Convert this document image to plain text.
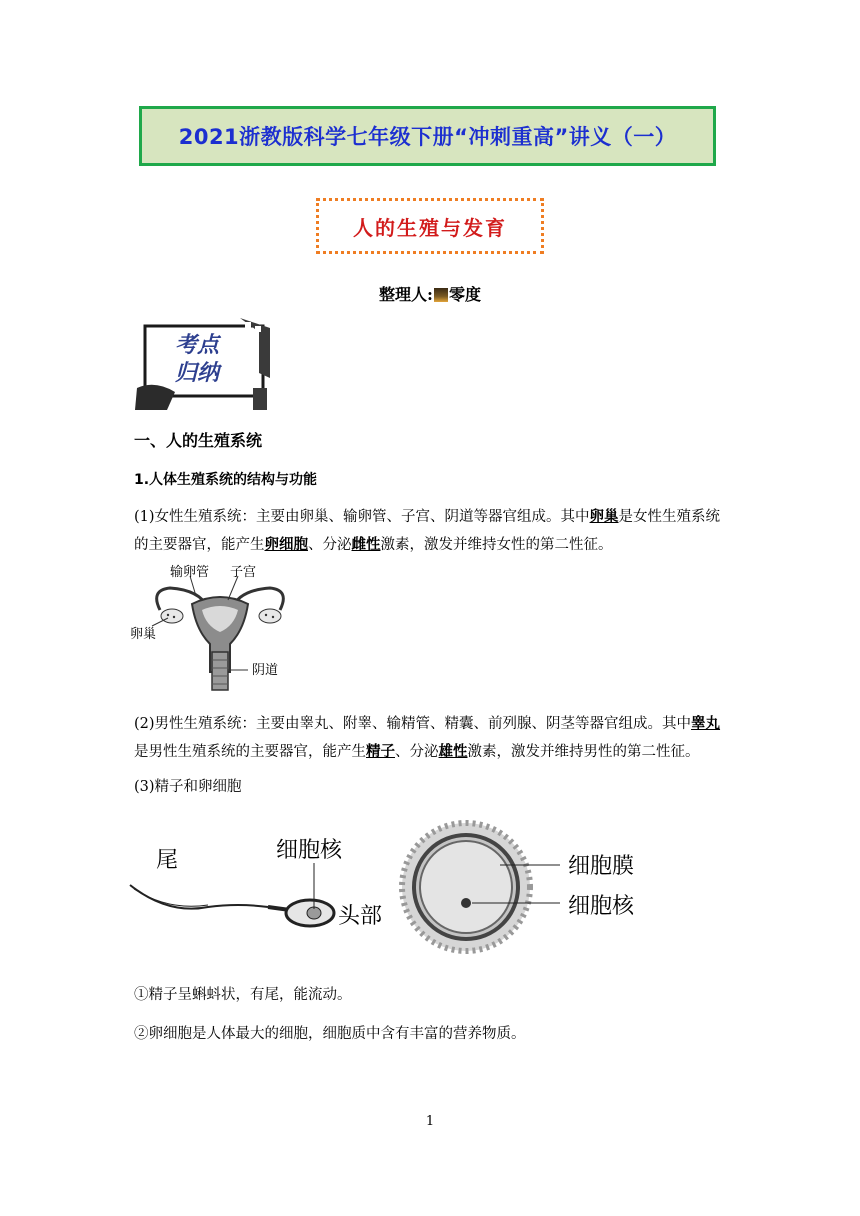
2021浙教版科学七年级下册“冲刺重高”讲义（一）
人的生殖与发育
整理人: 零度
考点
归纳
一、人的生殖系统
1.人体生殖系统的结构与功能
(1)女性生殖系统：主要由卵巢、输卵管、子宫、阴道等器官组成。其中卵巢是女性生殖系统的主要器官，能产生卵细胞、分泌雌性激素，激发并维持女性的第二性征。
输卵管 子宫
卵巢
阴道
(2)男性生殖系统：主要由睾丸、附睾、输精管、精囊、前列腺、阴茎等器官组成。其中睾丸是男性生殖系统的主要器官，能产生精子、分泌雄性激素，激发并维持男性的第二性征。
(3)精子和卵细胞
尾	细胞核
头部
细胞膜
细胞核
①精子呈蝌蚪状，有尾，能流动。
②卵细胞是人体最大的细胞，细胞质中含有丰富的营养物质。
1
